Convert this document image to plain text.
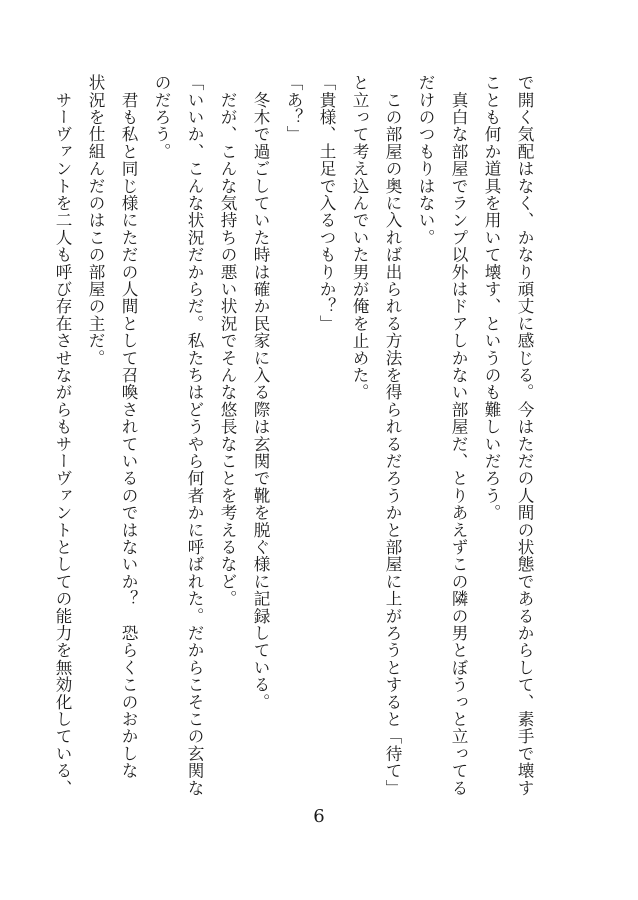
で開く気配はなく、かなり頑丈に感じる。今はただの人間の状態であるからして、素手で壊す
ことも何か道具を用いて壊す、というのも難しいだろう。
　真白な部屋でランプ以外はドアしかない部屋だ、とりあえずこの隣の男とぼうっと立ってる
だけのつもりはない。
　この部屋の奥に入れば出られる方法を得られるだろうかと部屋に上がろうとすると「待て」
と立って考え込んでいた男が俺を止めた。
「貴様、土足で入るつもりか？」
「あ？」
　冬木で過ごしていた時は確か民家に入る際は玄関で靴を脱ぐ様に記録している。
　だが、こんな気持ちの悪い状況でそんな悠長なことを考えるなど。
「いいか、こんな状況だからだ。私たちはどうやら何者かに呼ばれた。だからこそこの玄関な
のだろう。
　君も私と同じ様にただの人間として召喚されているのではないか？　恐らくこのおかしな
状況を仕組んだのはこの部屋の主だ。
　サーヴァントを二人も呼び存在させながらもサーヴァントとしての能力を無効化している、
6
